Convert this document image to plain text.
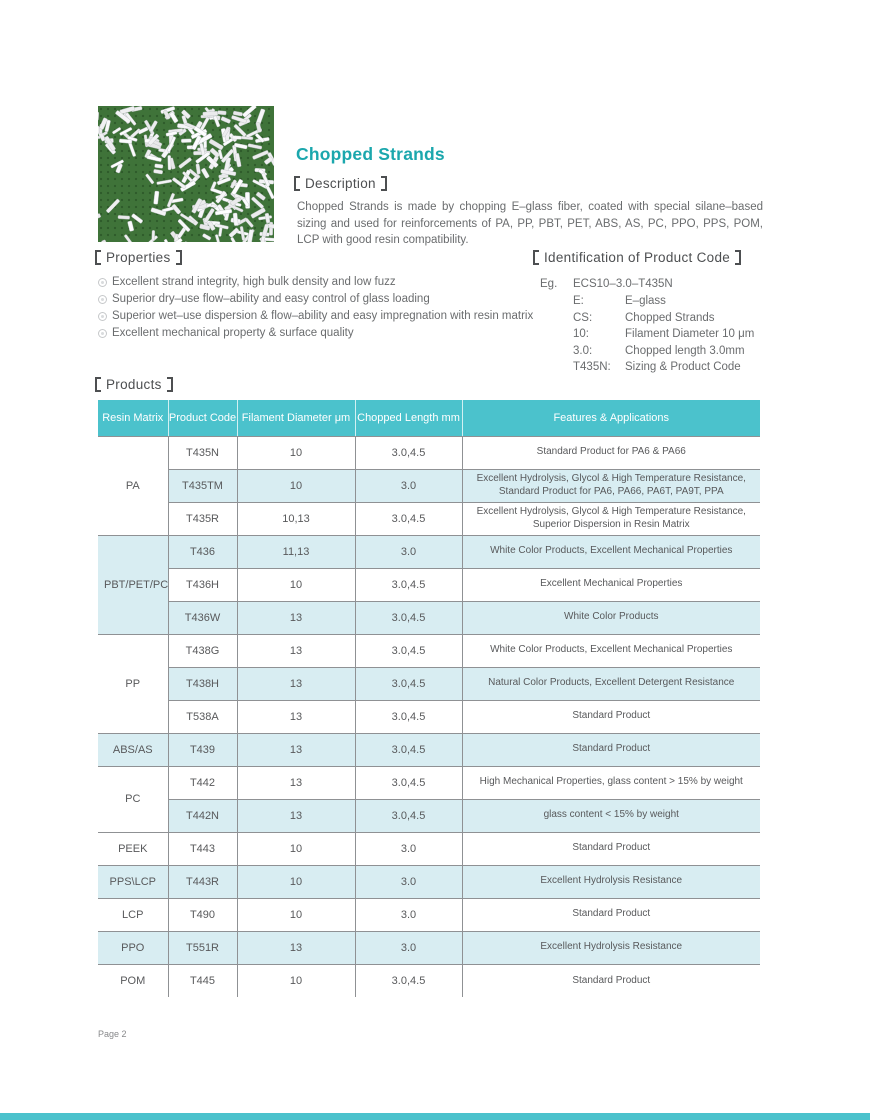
Chopped Strands
Description

Chopped Strands is made by chopping E–glass fiber, coated with special silane–based sizing and used for reinforcements of PA, PP, PBT, PET, ABS, AS, PC, PPO, PPS, POM, LCP with good resin compatibility.

Properties
Excellent strand integrity, high bulk density and low fuzz
Superior dry–use flow–ability and easy control of glass loading
Superior wet–use dispersion & flow–ability and easy impregnation with resin matrix
Excellent mechanical property & surface quality
Identification of Product Code
Eg.	ECS10–3.0–T435N
E:	E–glass
CS:	Chopped Strands
10:	Filament Diameter 10 μm
3.0:	Chopped length 3.0mm
T435N:	Sizing & Product Code
Products
Resin Matrix	Product Code	Filament Diameter μm	Chopped Length mm	Features & Applications
PA	T435N	10	3.0,4.5	Standard Product for PA6 & PA66
	T435TM	10	3.0	Excellent Hydrolysis, Glycol & High Temperature Resistance, Standard Product for PA6, PA66, PA6T, PA9T, PPA
	T435R	10,13	3.0,4.5	Excellent Hydrolysis, Glycol & High Temperature Resistance, Superior Dispersion in Resin Matrix
PBT/PET/PC	T436	11,13	3.0	White Color Products, Excellent Mechanical Properties
	T436H	10	3.0,4.5	Excellent Mechanical Properties
	T436W	13	3.0,4.5	White Color Products
PP	T438G	13	3.0,4.5	White Color Products, Excellent Mechanical Properties
	T438H	13	3.0,4.5	Natural Color Products, Excellent Detergent Resistance
	T538A	13	3.0,4.5	Standard Product
ABS/AS	T439	13	3.0,4.5	Standard Product
PC	T442	13	3.0,4.5	High Mechanical Properties, glass content > 15% by weight
	T442N	13	3.0,4.5	glass content < 15% by weight
PEEK	T443	10	3.0	Standard Product
PPS\LCP	T443R	10	3.0	Excellent Hydrolysis Resistance
LCP	T490	10	3.0	Standard Product
PPO	T551R	13	3.0	Excellent Hydrolysis Resistance
POM	T445	10	3.0,4.5	Standard Product
Page 2
